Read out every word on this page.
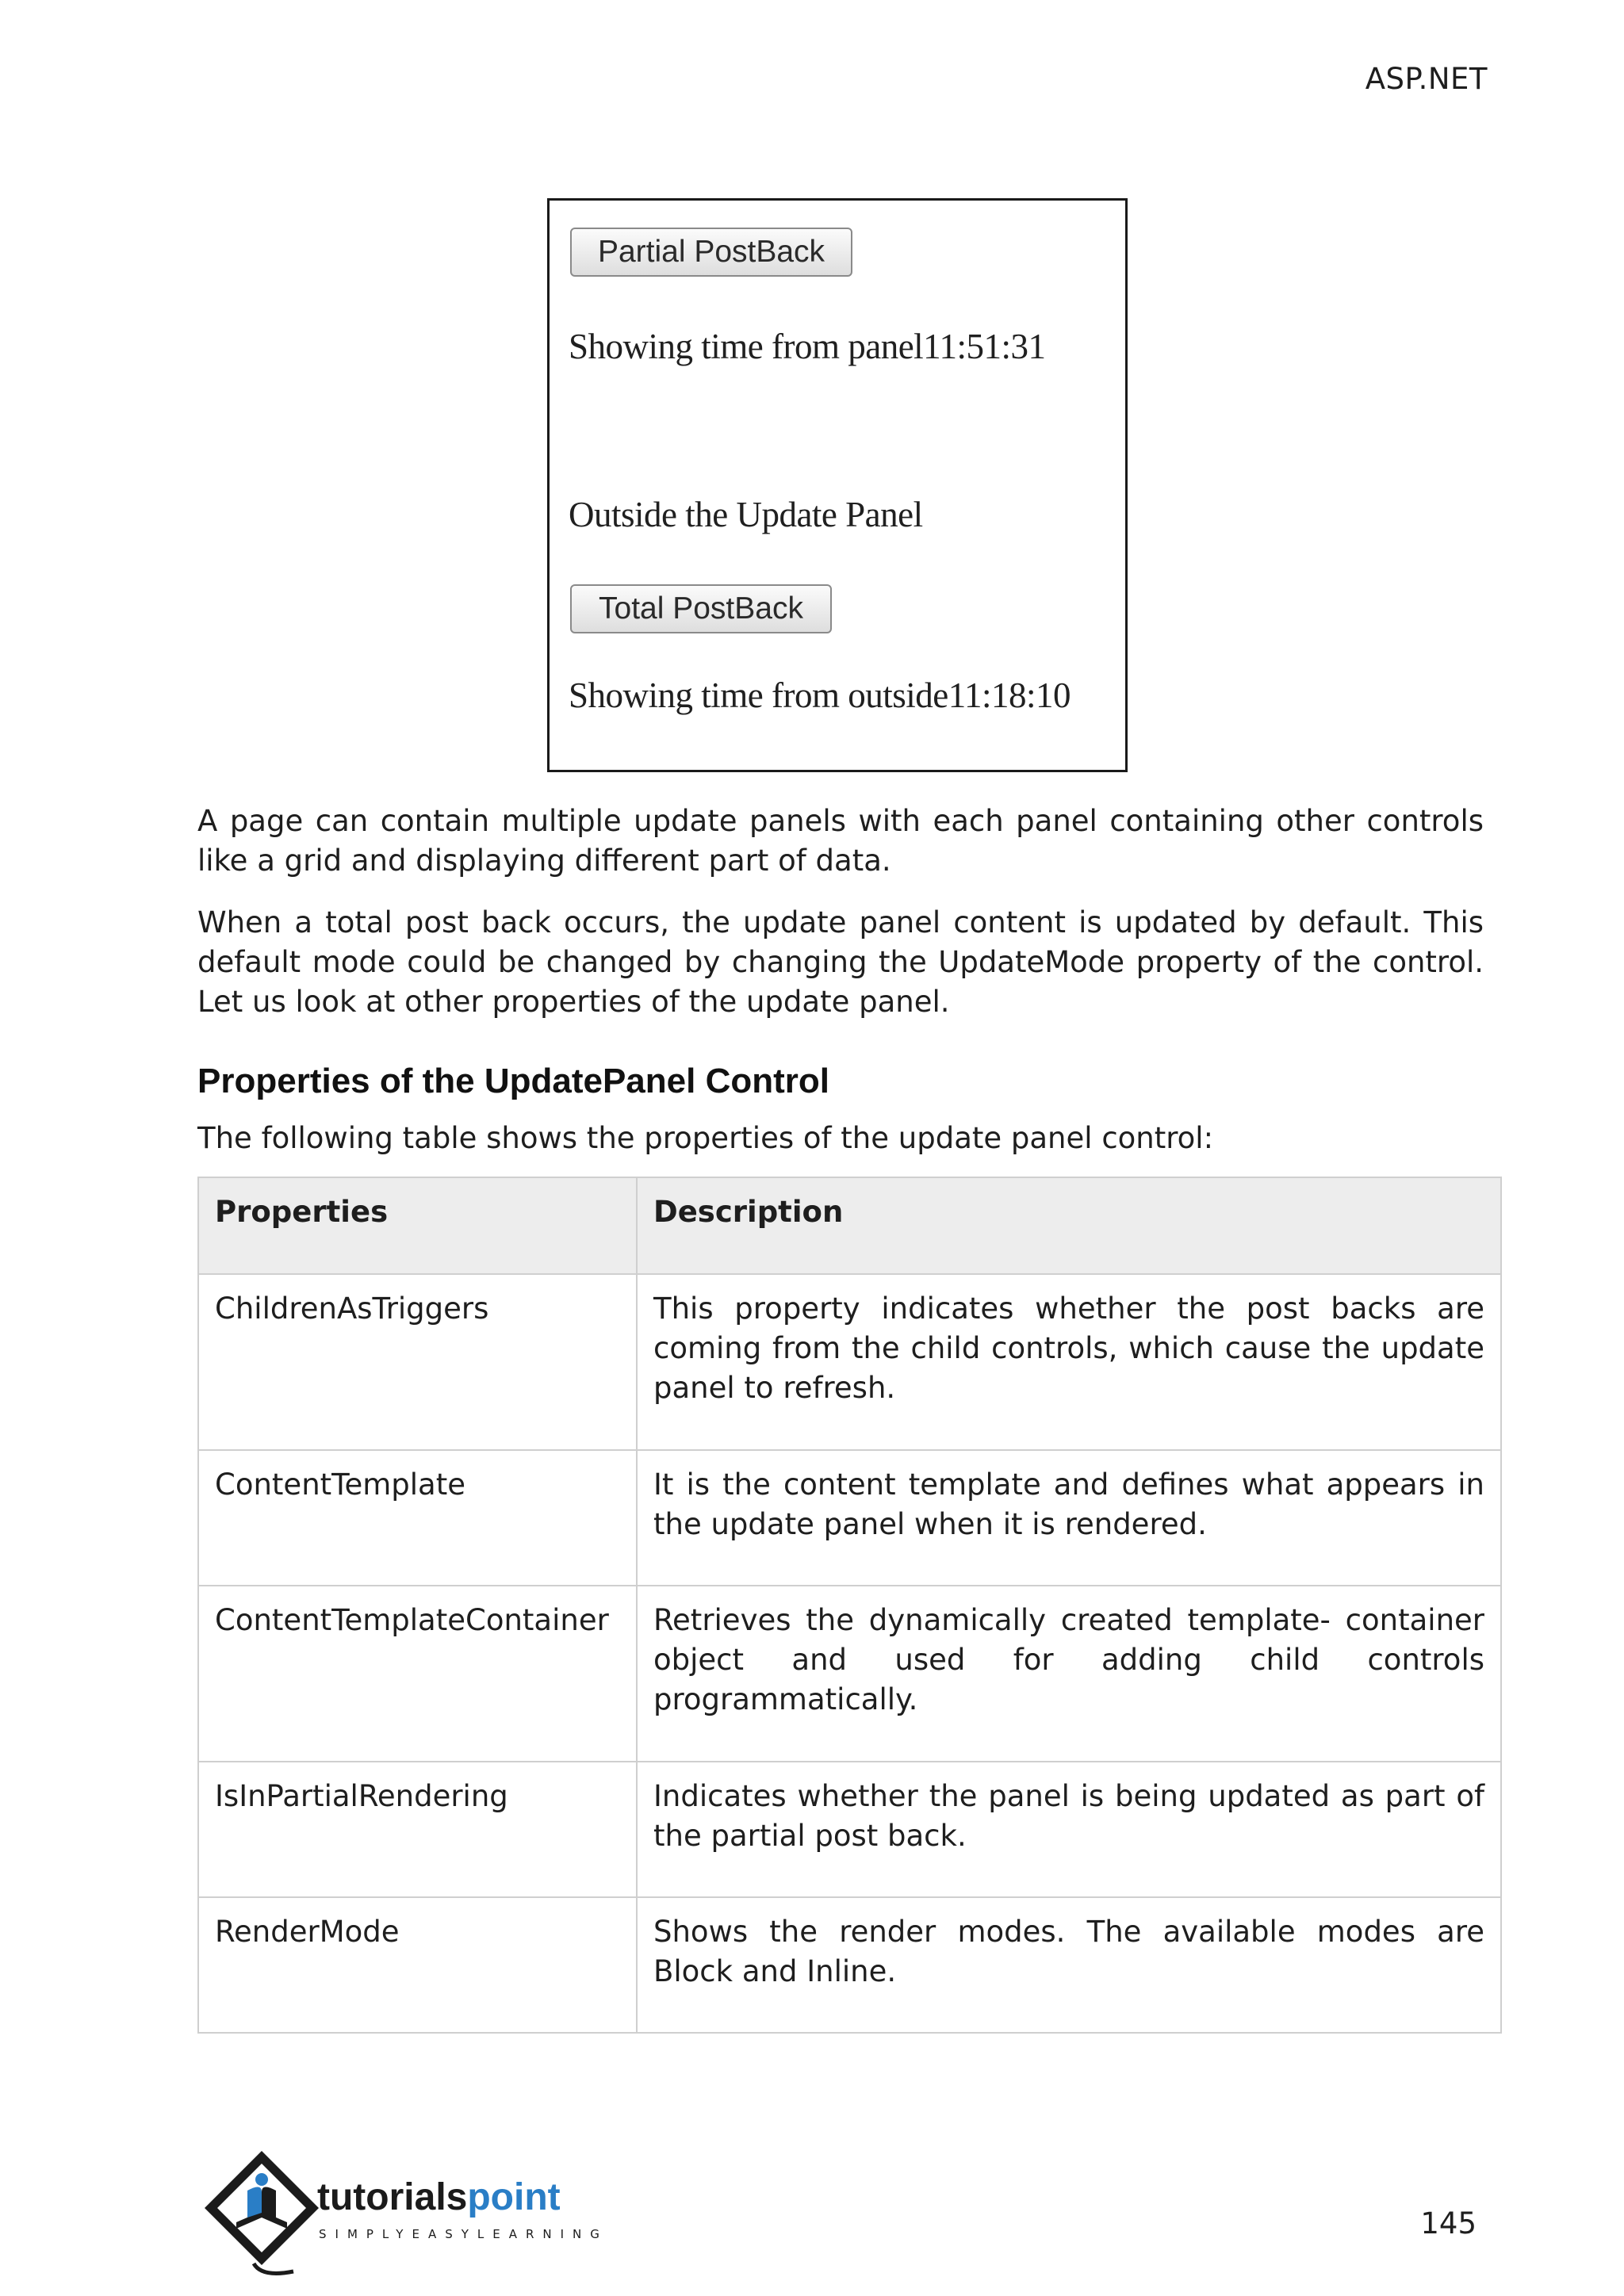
ASP.NET
Partial PostBack
Showing time from panel11:51:31
Outside the Update Panel
Total PostBack
Showing time from outside11:18:10

A page can contain multiple update panels with each panel containing other controls like a grid and displaying different part of data.

When a total post back occurs, the update panel content is updated by default. This default mode could be changed by changing the UpdateMode property of the control. Let us look at other properties of the update panel.

Properties of the UpdatePanel Control

The following table shows the properties of the update panel control:

Properties	Description
ChildrenAsTriggers	This property indicates whether the post backs are coming from the child controls, which cause the update panel to refresh.
ContentTemplate	It is the content template and defines what appears in the update panel when it is rendered.
ContentTemplateContainer	Retrieves the dynamically created template- container object and used for adding child controls programmatically.
IsInPartialRendering	Indicates whether the panel is being updated as part of the partial post back.
RenderMode	Shows the render modes. The available modes are Block and Inline.
tutorialspoint
SIMPLYEASYLEARNING	145
